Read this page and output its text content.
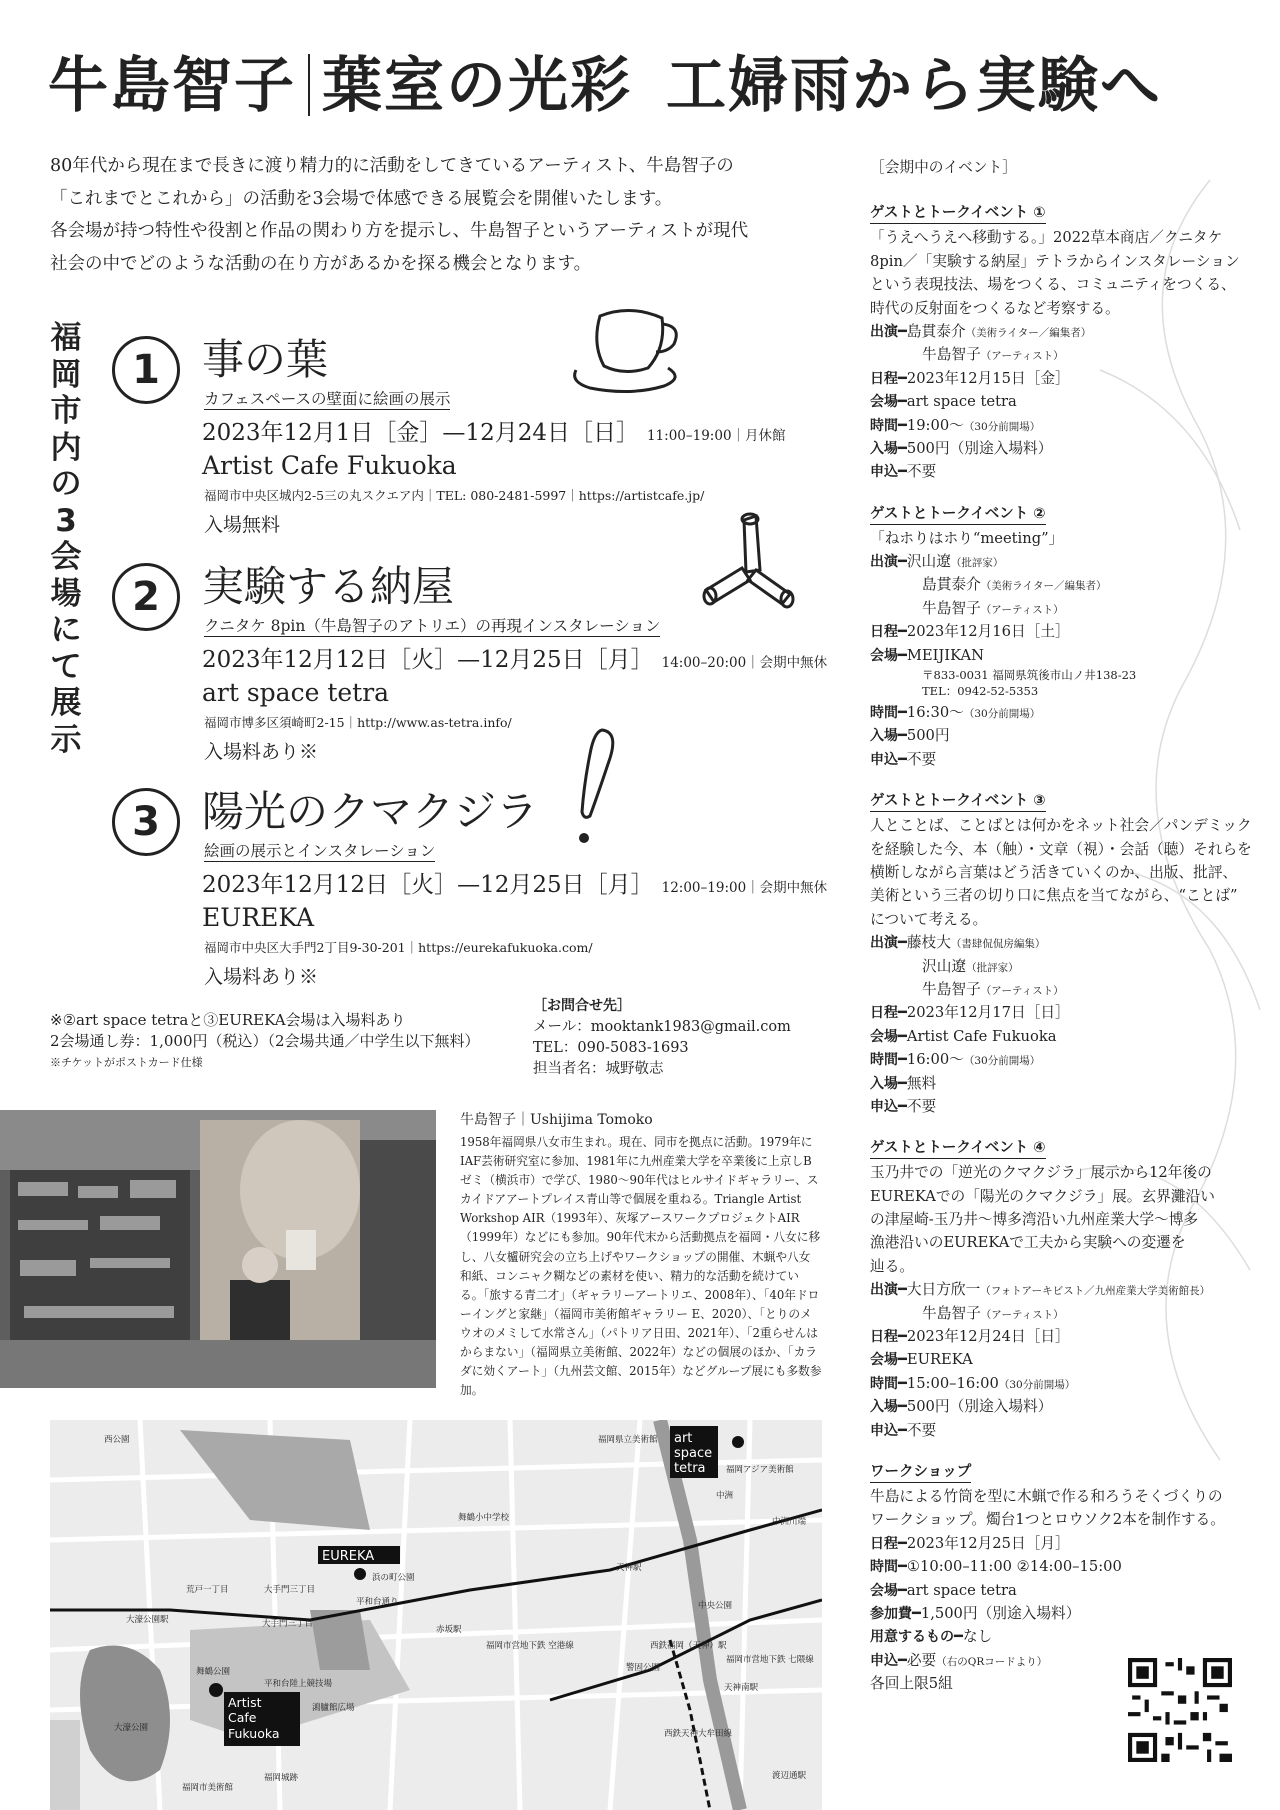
牛島智子 葉室の光彩 工婦雨から実験へ

80年代から現在まで長きに渡り精力的に活動をしてきているアーティスト、牛島智子の

「これまでとこれから」の活動を3会場で体感できる展覧会を開催いたします。

各会場が持つ特性や役割と作品の関わり方を提示し、牛島智子というアーティストが現代

社会の中でどのような活動の在り方があるかを探る機会となります。

福
岡
市
内
の
3
会
場
に
て
展
示
1	事の葉
カフェスペースの壁面に絵画の展示
2023年12月1日［金］—12月24日［日］ 11:00–19:00｜月休館
Artist Cafe Fukuoka
福岡市中央区城内2-5三の丸スクエア内｜TEL: 080-2481-5997｜https://artistcafe.jp/
入場無料
2	実験する納屋
クニタケ 8pin（牛島智子のアトリエ）の再現インスタレーション
2023年12月12日［火］—12月25日［月］ 14:00–20:00｜会期中無休
art space tetra
福岡市博多区須崎町2-15｜http://www.as-tetra.info/
入場料あり※
3	陽光のクマクジラ
絵画の展示とインスタレーション
2023年12月12日［火］—12月25日［月］ 12:00–19:00｜会期中無休
EUREKA
福岡市中央区大手門2丁目9-30-201｜https://eurekafukuoka.com/
入場料あり※
※②art space tetraと③EUREKA会場は入場料あり
2会場通し券：1,000円（税込）（2会場共通／中学生以下無料）
※チケットがポストカード仕様
［お問合せ先］
メール：mooktank1983@gmail.com
TEL：090-5083-1693
担当者名：城野敬志
牛島智子｜Ushijima Tomoko
1958年福岡県八女市生まれ。現在、同市を拠点に活動。1979年にIAF芸術研究室に参加、1981年に九州産業大学を卒業後に上京しBゼミ（横浜市）で学び、1980〜90年代はヒルサイドギャラリー、スカイドアアートプレイス青山等で個展を重ねる。Triangle Artist Workshop AIR（1993年）、灰塚アースワークプロジェクトAIR（1999年）などにも参加。90年代末から活動拠点を福岡・八女に移し、八女櫨研究会の立ち上げやワークショップの開催、木蝋や八女和紙、コンニャク糊などの素材を使い、精力的な活動を続けている。「旅する青二才」（ギャラリーアートリエ、2008年）、「40年ドローイングと家継」（福岡市美術館ギャラリー E、2020）、「とりのメウオのメミして水常さん」（パトリア日田、2021年）、「2重らせんはからまない」（福岡県立美術館、2022年）などの個展のほか、「カラダに効くアート」（九州芸文館、2015年）などグループ展にも多数参加。
西公園	福岡県立美術館
福岡アジア美術館
中洲
中洲川端
舞鶴小中学校
浜の町公園
平和台通り
天神駅
荒戸一丁目	大手門三丁目
大手門三丁目
大濠公園駅
赤坂駅
福岡市営地下鉄 空港線
福岡市営地下鉄 七隈線
中央公園
警固公園
西鉄福岡（天神）駅
天神南駅
舞鶴公園
平和台陸上競技場
鴻臚館広場
大濠公園
西鉄天神大牟田線
福岡城跡
福岡市美術館
渡辺通駅
art
space
tetra
EUREKA
Artist
Cafe
Fukuoka
［会期中のイベント］
ゲストとトークイベント ①
「うえへうえへ移動する。」2022草本商店／クニタケ
8pin／「実験する納屋」テトラからインスタレーション
という表現技法、場をつくる、コミュニティをつくる、
時代の反射面をつくるなど考察する。
出演━島貫泰介（美術ライター／編集者）
牛島智子（アーティスト）
日程━2023年12月15日［金］
会場━art space tetra
時間━19:00〜（30分前開場）
入場━500円（別途入場料）
申込━不要
ゲストとトークイベント ②
「ねホりはホり“meeting”」
出演━沢山遼（批評家）
島貫泰介（美術ライター／編集者）
牛島智子（アーティスト）
日程━2023年12月16日［土］
会場━MEIJIKAN
〒833-0031 福岡県筑後市山ノ井138-23
TEL：0942-52-5353
時間━16:30〜（30分前開場）
入場━500円
申込━不要
ゲストとトークイベント ③
人とことば、ことばとは何かをネット社会／パンデミック
を経験した今、本（触）・文章（視）・会話（聴）それらを
横断しながら言葉はどう活きていくのか、出版、批評、
美術という三者の切り口に焦点を当てながら、“ことば”
について考える。
出演━藤枝大（書肆侃侃房編集）
沢山遼（批評家）
牛島智子（アーティスト）
日程━2023年12月17日［日］
会場━Artist Cafe Fukuoka
時間━16:00〜（30分前開場）
入場━無料
申込━不要
ゲストとトークイベント ④
玉乃井での「逆光のクマクジラ」展示から12年後の
EUREKAでの「陽光のクマクジラ」展。玄界灘沿い
の津屋崎-玉乃井〜博多湾沿い九州産業大学〜博多
漁港沿いのEUREKAで工夫から実験への変遷を
辿る。
出演━大日方欣一（フォトアーキビスト／九州産業大学美術館長）
牛島智子（アーティスト）
日程━2023年12月24日［日］
会場━EUREKA
時間━15:00–16:00（30分前開場）
入場━500円（別途入場料）
申込━不要
ワークショップ
牛島による竹筒を型に木蝋で作る和ろうそくづくりの
ワークショップ。燭台1つとロウソク2本を制作する。
日程━2023年12月25日［月］
時間━①10:00–11:00 ②14:00–15:00
会場━art space tetra
参加費━1,500円（別途入場料）
用意するもの━なし
申込━必要（右のQRコードより）
各回上限5組
